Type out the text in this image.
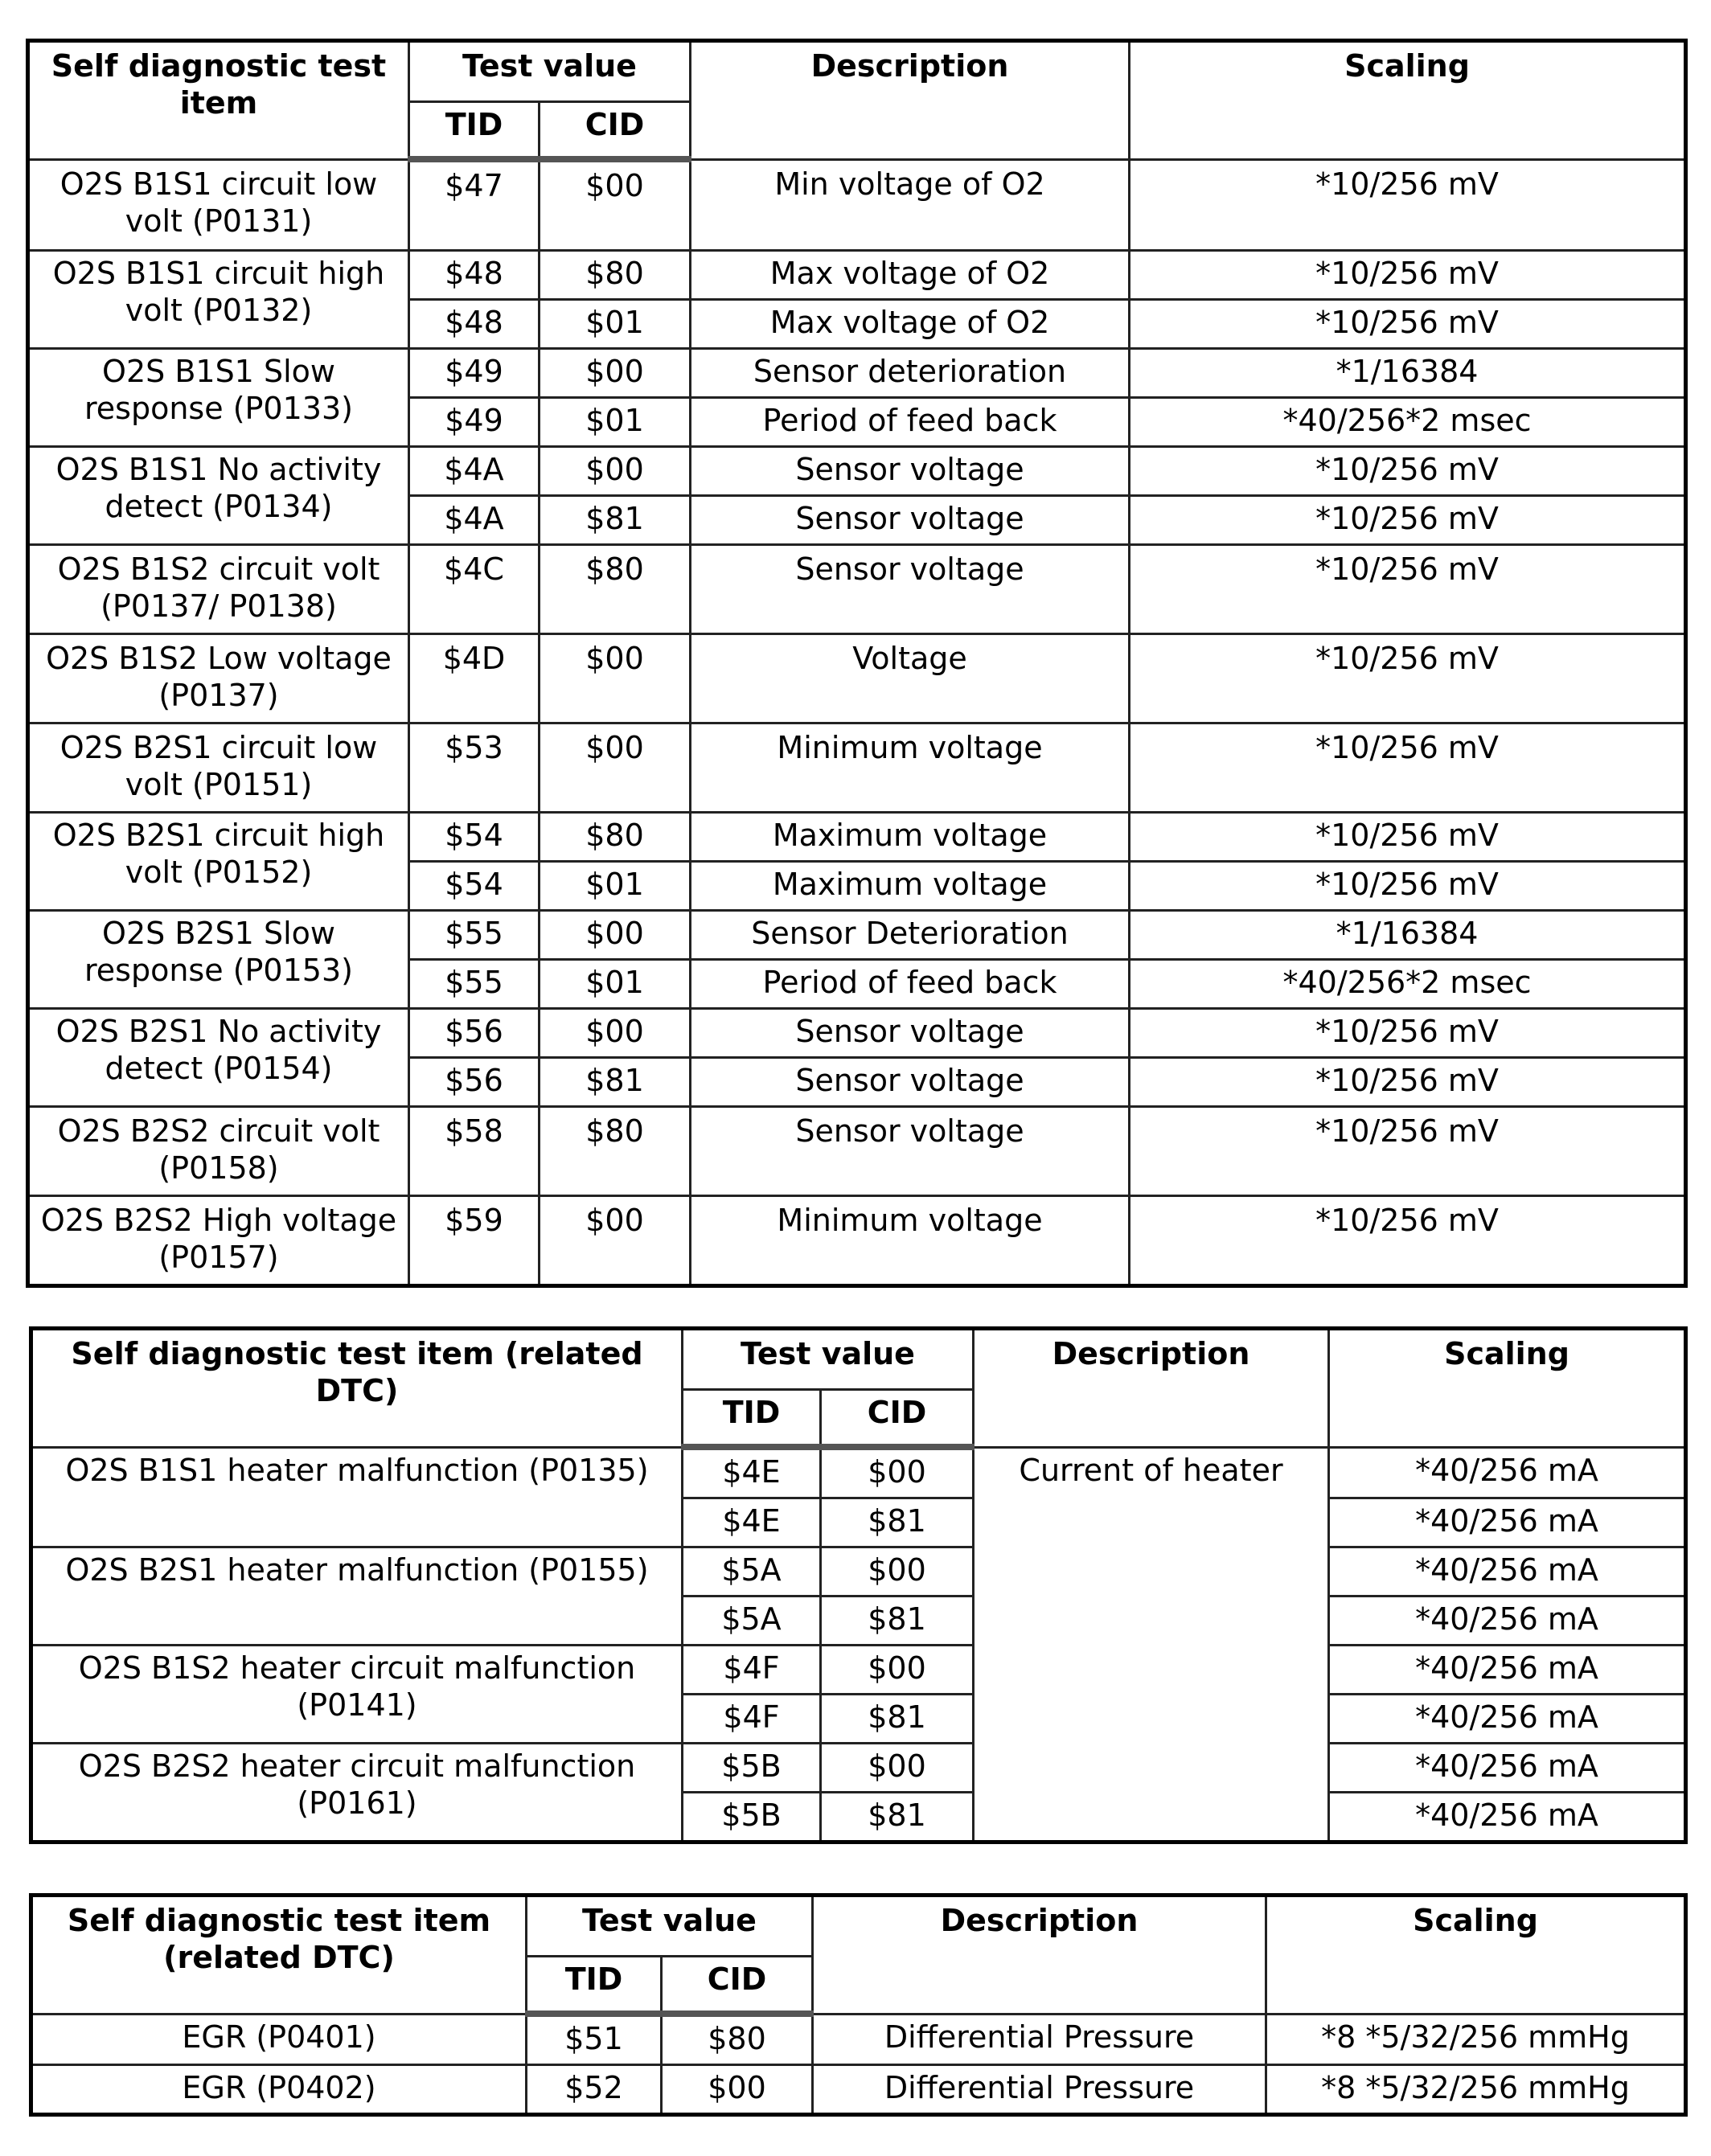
Self diagnostic test item	Test value		Description	Scaling
	TID	CID		
O2S B1S1 circuit low volt (P0131)	$47	$00	Min voltage of O2	*10/256 mV
O2S B1S1 circuit high volt (P0132)	$48	$80	Max voltage of O2	*10/256 mV
	$48	$01	Max voltage of O2	*10/256 mV
O2S B1S1 Slow response (P0133)	$49	$00	Sensor deterioration	*1/16384
	$49	$01	Period of feed back	*40/256*2 msec
O2S B1S1 No activity detect (P0134)	$4A	$00	Sensor voltage	*10/256 mV
	$4A	$81	Sensor voltage	*10/256 mV
O2S B1S2 circuit volt (P0137/ P0138)	$4C	$80	Sensor voltage	*10/256 mV
O2S B1S2 Low voltage (P0137)	$4D	$00	Voltage	*10/256 mV
O2S B2S1 circuit low volt (P0151)	$53	$00	Minimum voltage	*10/256 mV
O2S B2S1 circuit high volt (P0152)	$54	$80	Maximum voltage	*10/256 mV
	$54	$01	Maximum voltage	*10/256 mV
O2S B2S1 Slow response (P0153)	$55	$00	Sensor Deterioration	*1/16384
	$55	$01	Period of feed back	*40/256*2 msec
O2S B2S1 No activity detect (P0154)	$56	$00	Sensor voltage	*10/256 mV
	$56	$81	Sensor voltage	*10/256 mV
O2S B2S2 circuit volt (P0158)	$58	$80	Sensor voltage	*10/256 mV
O2S B2S2 High voltage (P0157)	$59	$00	Minimum voltage	*10/256 mV
Self diagnostic test item (related DTC)	Test value		Description	Scaling
	TID	CID		
O2S B1S1 heater malfunction (P0135)	$4E	$00	Current of heater	*40/256 mA
	$4E	$81		*40/256 mA
O2S B2S1 heater malfunction (P0155)	$5A	$00		*40/256 mA
	$5A	$81		*40/256 mA
O2S B1S2 heater circuit malfunction (P0141)	$4F	$00		*40/256 mA
	$4F	$81		*40/256 mA
O2S B2S2 heater circuit malfunction (P0161)	$5B	$00		*40/256 mA
	$5B	$81		*40/256 mA
Self diagnostic test item (related DTC)	Test value		Description	Scaling
	TID	CID		
EGR (P0401)	$51	$80	Differential Pressure	*8 *5/32/256 mmHg
EGR (P0402)	$52	$00	Differential Pressure	*8 *5/32/256 mmHg
